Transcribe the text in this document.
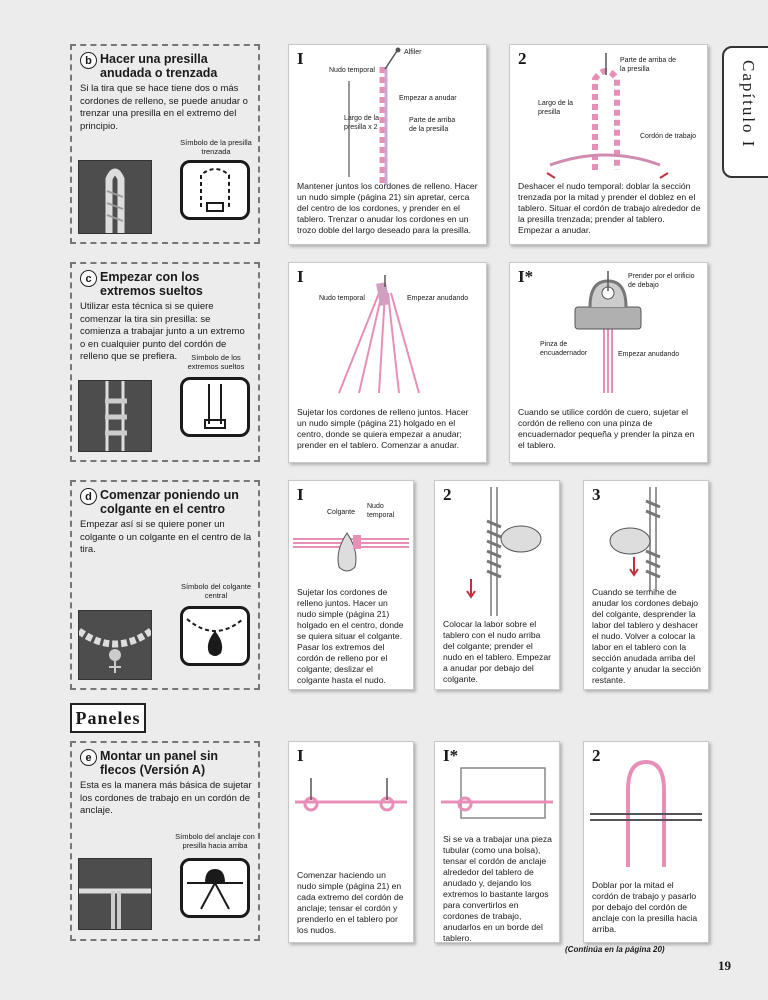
Capítulo I
b Hacer una presilla anudada o trenzada
Si la tira que se hace tiene dos o más cordones de relleno, se puede anudar o trenzar una presilla en el extremo del principio.
Símbolo de la presilla trenzada
I
Nudo temporal
Alfiler
Empezar a anudar
Largo de la presilla x 2
Parte de arriba de la presilla
Mantener juntos los cordones de relleno. Hacer un nudo simple (página 21) sin apretar, cerca del centro de los cordones, y prender en el tablero. Trenzar o anudar los cordones en un trozo doble del largo deseado para la presilla.
2	Parte de arriba de la presilla
Largo de la presilla
Cordón de trabajo
Deshacer el nudo temporal: doblar la sección trenzada por la mitad y prender el doblez en el tablero. Situar el cordón de trabajo alrededor de la presilla trenzada; prender al tablero. Empezar a anudar.
c Empezar con los extremos sueltos
Utilizar esta técnica si se quiere comenzar la tira sin presilla: se comienza a trabajar junto a un extremo o en cualquier punto del cordón de relleno que se prefiera.	Símbolo de los extremos sueltos
I
Nudo temporal	Empezar anudando
Sujetar los cordones de relleno juntos. Hacer un nudo simple (página 21) holgado en el centro, donde se quiera empezar a anudar; prender en el tablero. Comenzar a anudar.
I*	Prender por el orificio de debajo
Pinza de encuadernador	Empezar anudando
Cuando se utilice cordón de cuero, sujetar el cordón de relleno con una pinza de encuadernador pequeña y prender la pinza en el tablero.
d Comenzar poniendo un colgante en el centro
Empezar así si se quiere poner un colgante o un colgante en el centro de la tira.
Símbolo del colgante central
I
Colgante
Nudo temporal
Sujetar los cordones de relleno juntos. Hacer un nudo simple (página 21) holgado en el centro, donde se quiera situar el colgante. Pasar los extremos del cordón de relleno por el colgante; deslizar el colgante hasta el nudo.
2
Colocar la labor sobre el tablero con el nudo arriba del colgante; prender el nudo en el tablero. Empezar a anudar por debajo del colgante.
3
Cuando se termine de anudar los cordones debajo del colgante, desprender la labor del tablero y deshacer el nudo. Volver a colocar la labor en el tablero con la sección anudada arriba del colgante y anudar la sección restante.
Paneles
e Montar un panel sin flecos (Versión A)
Esta es la manera más básica de sujetar los cordones de trabajo en un cordón de anclaje.
Símbolo del anclaje con presilla hacia arriba
I
Comenzar haciendo un nudo simple (página 21) en cada extremo del cordón de anclaje; tensar el cordón y prenderlo en el tablero por los nudos.
I*
Si se va a trabajar una pieza tubular (como una bolsa), tensar el cordón de anclaje alrededor del tablero de anudado y, dejando los extremos lo bastante largos para convertirlos en cordones de trabajo, anudarlos en un borde del tablero.
2
Doblar por la mitad el cordón de trabajo y pasarlo por debajo del cordón de anclaje con la presilla hacia arriba.
(Continúa en la página 20)
19
